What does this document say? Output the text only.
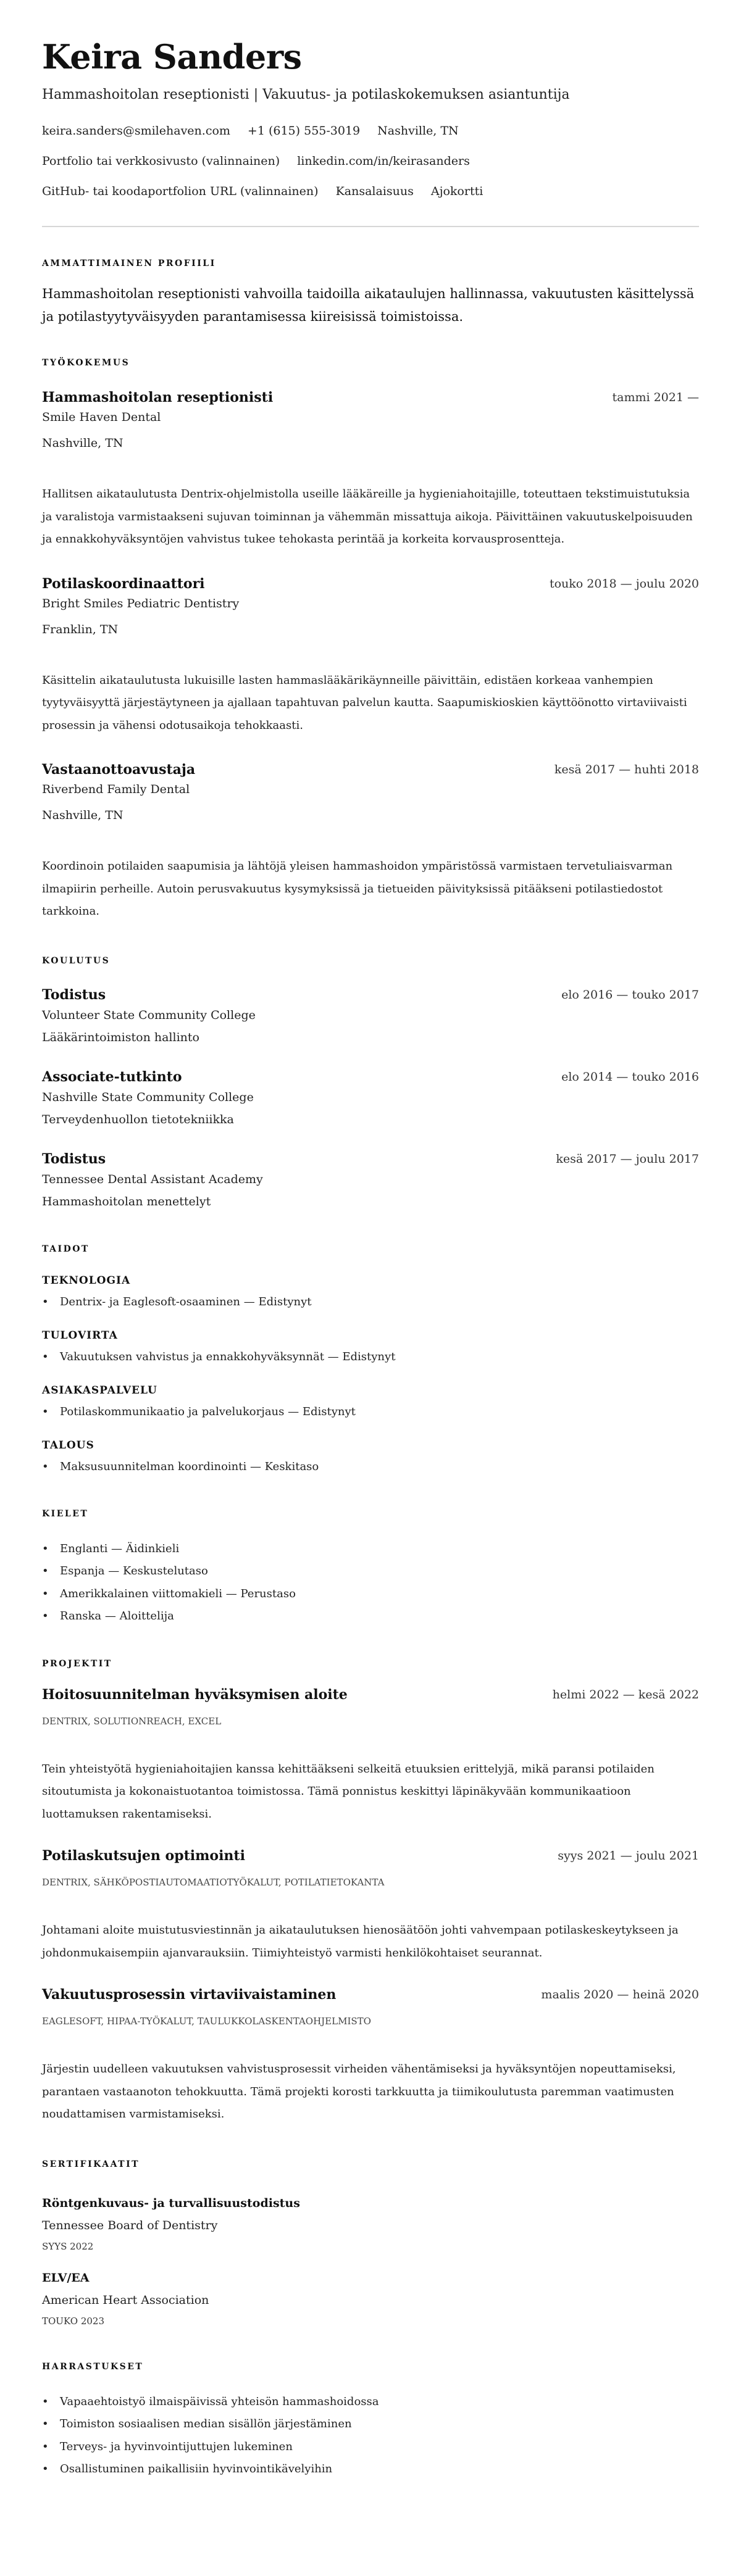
Keira Sanders
Hammashoitolan reseptionisti | Vakuutus- ja potilaskokemuksen asiantuntija
keira.sanders@smilehaven.com +1 (615) 555-3019 Nashville, TN
Portfolio tai verkkosivusto (valinnainen) linkedin.com/in/keirasanders
GitHub- tai koodaportfolion URL (valinnainen) Kansalaisuus Ajokortti
AMMATTIMAINEN PROFIILI
Hammashoitolan reseptionisti vahvoilla taidoilla aikataulujen hallinnassa, vakuutusten käsittelyssä ja potilastyytyväisyyden parantamisessa kiireisissä toimistoissa.
TYÖKOKEMUS
Hammashoitolan reseptionisti	tammi 2021 —
Smile Haven Dental
Nashville, TN
Hallitsen aikataulutusta Dentrix-ohjelmistolla useille lääkäreille ja hygieniahoitajille, toteuttaen tekstimuistutuksia ja varalistoja varmistaakseni sujuvan toiminnan ja vähemmän missattuja aikoja. Päivittäinen vakuutuskelpoisuuden ja ennakkohyväksyntöjen vahvistus tukee tehokasta perintää ja korkeita korvausprosentteja.
Potilaskoordinaattori	touko 2018 — joulu 2020
Bright Smiles Pediatric Dentistry
Franklin, TN
Käsittelin aikataulutusta lukuisille lasten hammaslääkärikäynneille päivittäin, edistäen korkeaa vanhempien tyytyväisyyttä järjestäytyneen ja ajallaan tapahtuvan palvelun kautta. Saapumiskioskien käyttöönotto virtaviivaisti prosessin ja vähensi odotusaikoja tehokkaasti.
Vastaanottoavustaja	kesä 2017 — huhti 2018
Riverbend Family Dental
Nashville, TN
Koordinoin potilaiden saapumisia ja lähtöjä yleisen hammashoidon ympäristössä varmistaen tervetuliaisvarman ilmapiirin perheille. Autoin perusvakuutus kysymyksissä ja tietueiden päivityksissä pitääkseni potilastiedostot tarkkoina.
KOULUTUS
Todistus	elo 2016 — touko 2017
Volunteer State Community College
Lääkärintoimiston hallinto
Associate-tutkinto	elo 2014 — touko 2016
Nashville State Community College
Terveydenhuollon tietotekniikka
Todistus	kesä 2017 — joulu 2017
Tennessee Dental Assistant Academy
Hammashoitolan menettelyt
TAIDOT
TEKNOLOGIA
• Dentrix- ja Eaglesoft-osaaminen — Edistynyt
TULOVIRTA
• Vakuutuksen vahvistus ja ennakkohyväksynnät — Edistynyt
ASIAKASPALVELU
• Potilaskommunikaatio ja palvelukorjaus — Edistynyt
TALOUS
• Maksusuunnitelman koordinointi — Keskitaso
KIELET
• Englanti — Äidinkieli
• Espanja — Keskustelutaso
• Amerikkalainen viittomakieli — Perustaso
• Ranska — Aloittelija
PROJEKTIT
Hoitosuunnitelman hyväksymisen aloite	helmi 2022 — kesä 2022
DENTRIX, SOLUTIONREACH, EXCEL
Tein yhteistyötä hygieniahoitajien kanssa kehittääkseni selkeitä etuuksien erittelyjä, mikä paransi potilaiden sitoutumista ja kokonaistuotantoa toimistossa. Tämä ponnistus keskittyi läpinäkyvään kommunikaatioon luottamuksen rakentamiseksi.
Potilaskutsujen optimointi	syys 2021 — joulu 2021
DENTRIX, SÄHKÖPOSTIAUTOMAATIOTYÖKALUT, POTILATIETOKANTA
Johtamani aloite muistutusviestinnän ja aikataulutuksen hienosäätöön johti vahvempaan potilaskeskeytykseen ja johdonmukaisempiin ajanvarauksiin. Tiimiyhteistyö varmisti henkilökohtaiset seurannat.
Vakuutusprosessin virtaviivaistaminen	maalis 2020 — heinä 2020
EAGLESOFT, HIPAA-TYÖKALUT, TAULUKKOLASKENTAOHJELMISTO
Järjestin uudelleen vakuutuksen vahvistusprosessit virheiden vähentämiseksi ja hyväksyntöjen nopeuttamiseksi, parantaen vastaanoton tehokkuutta. Tämä projekti korosti tarkkuutta ja tiimikoulutusta paremman vaatimusten noudattamisen varmistamiseksi.
SERTIFIKAATIT
Röntgenkuvaus- ja turvallisuustodistus
Tennessee Board of Dentistry
SYYS 2022
ELV/EA
American Heart Association
TOUKO 2023
HARRASTUKSET
• Vapaaehtoistyö ilmaispäivissä yhteisön hammashoidossa
• Toimiston sosiaalisen median sisällön järjestäminen
• Terveys- ja hyvinvointijuttujen lukeminen
• Osallistuminen paikallisiin hyvinvointikävelyihin
